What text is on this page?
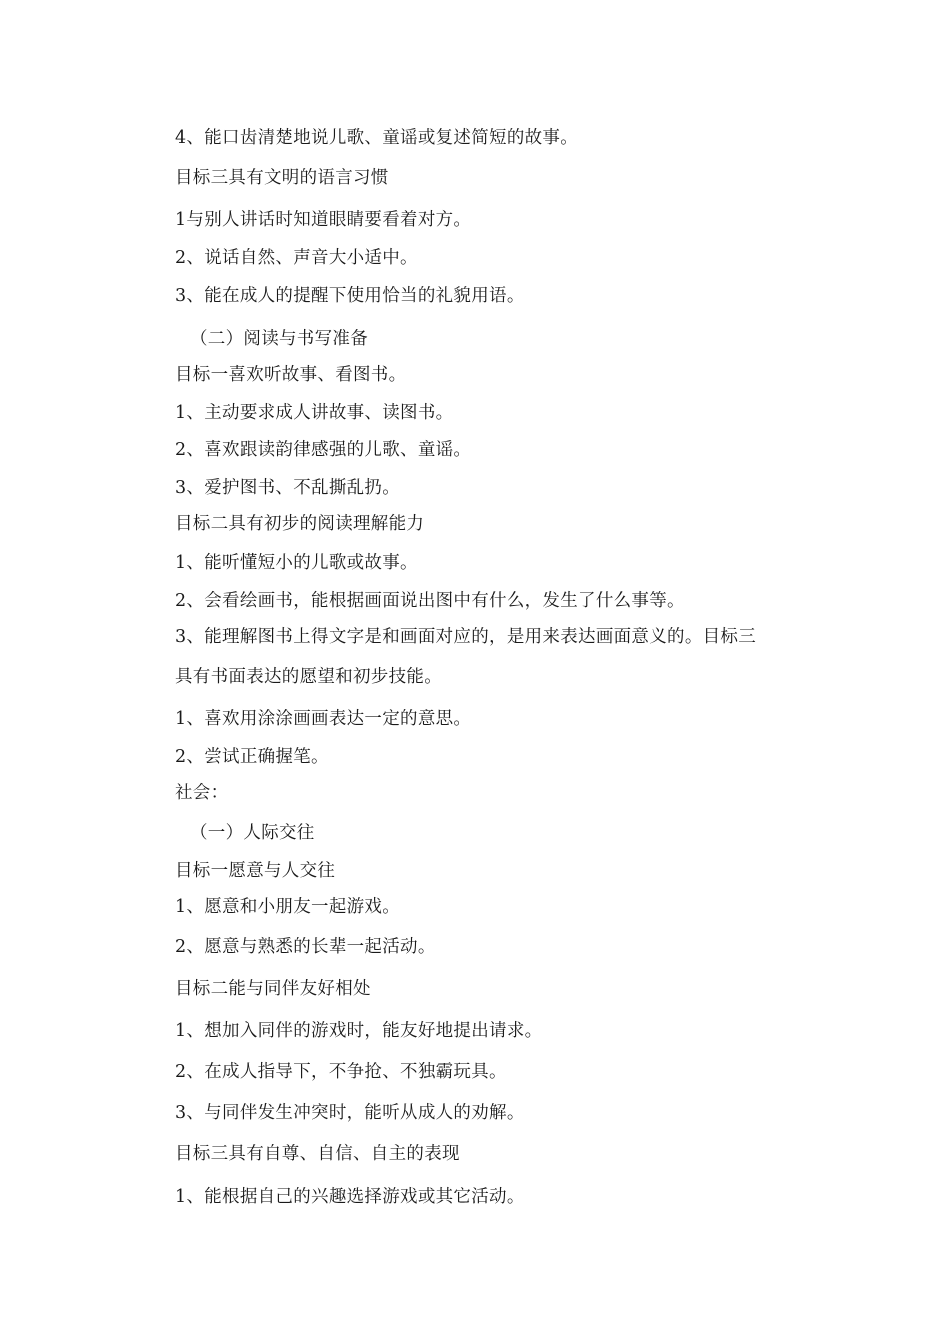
4、能口齿清楚地说儿歌、童谣或复述简短的故事。
目标三具有文明的语言习惯
1与别人讲话时知道眼睛要看着对方。
2、说话自然、声音大小适中。
3、能在成人的提醒下使用恰当的礼貌用语。
（二）阅读与书写准备
目标一喜欢听故事、看图书。
1、主动要求成人讲故事、读图书。
2、喜欢跟读韵律感强的儿歌、童谣。
3、爱护图书、不乱撕乱扔。
目标二具有初步的阅读理解能力
1、能听懂短小的儿歌或故事。
2、会看绘画书，能根据画面说出图中有什么，发生了什么事等。
3、能理解图书上得文字是和画面对应的，是用来表达画面意义的。目标三
具有书面表达的愿望和初步技能。
1、喜欢用涂涂画画表达一定的意思。
2、尝试正确握笔。
社会：
（一）人际交往
目标一愿意与人交往
1、愿意和小朋友一起游戏。
2、愿意与熟悉的长辈一起活动。
目标二能与同伴友好相处
1、想加入同伴的游戏时，能友好地提出请求。
2、在成人指导下，不争抢、不独霸玩具。
3、与同伴发生冲突时，能听从成人的劝解。
目标三具有自尊、自信、自主的表现
1、能根据自己的兴趣选择游戏或其它活动。
